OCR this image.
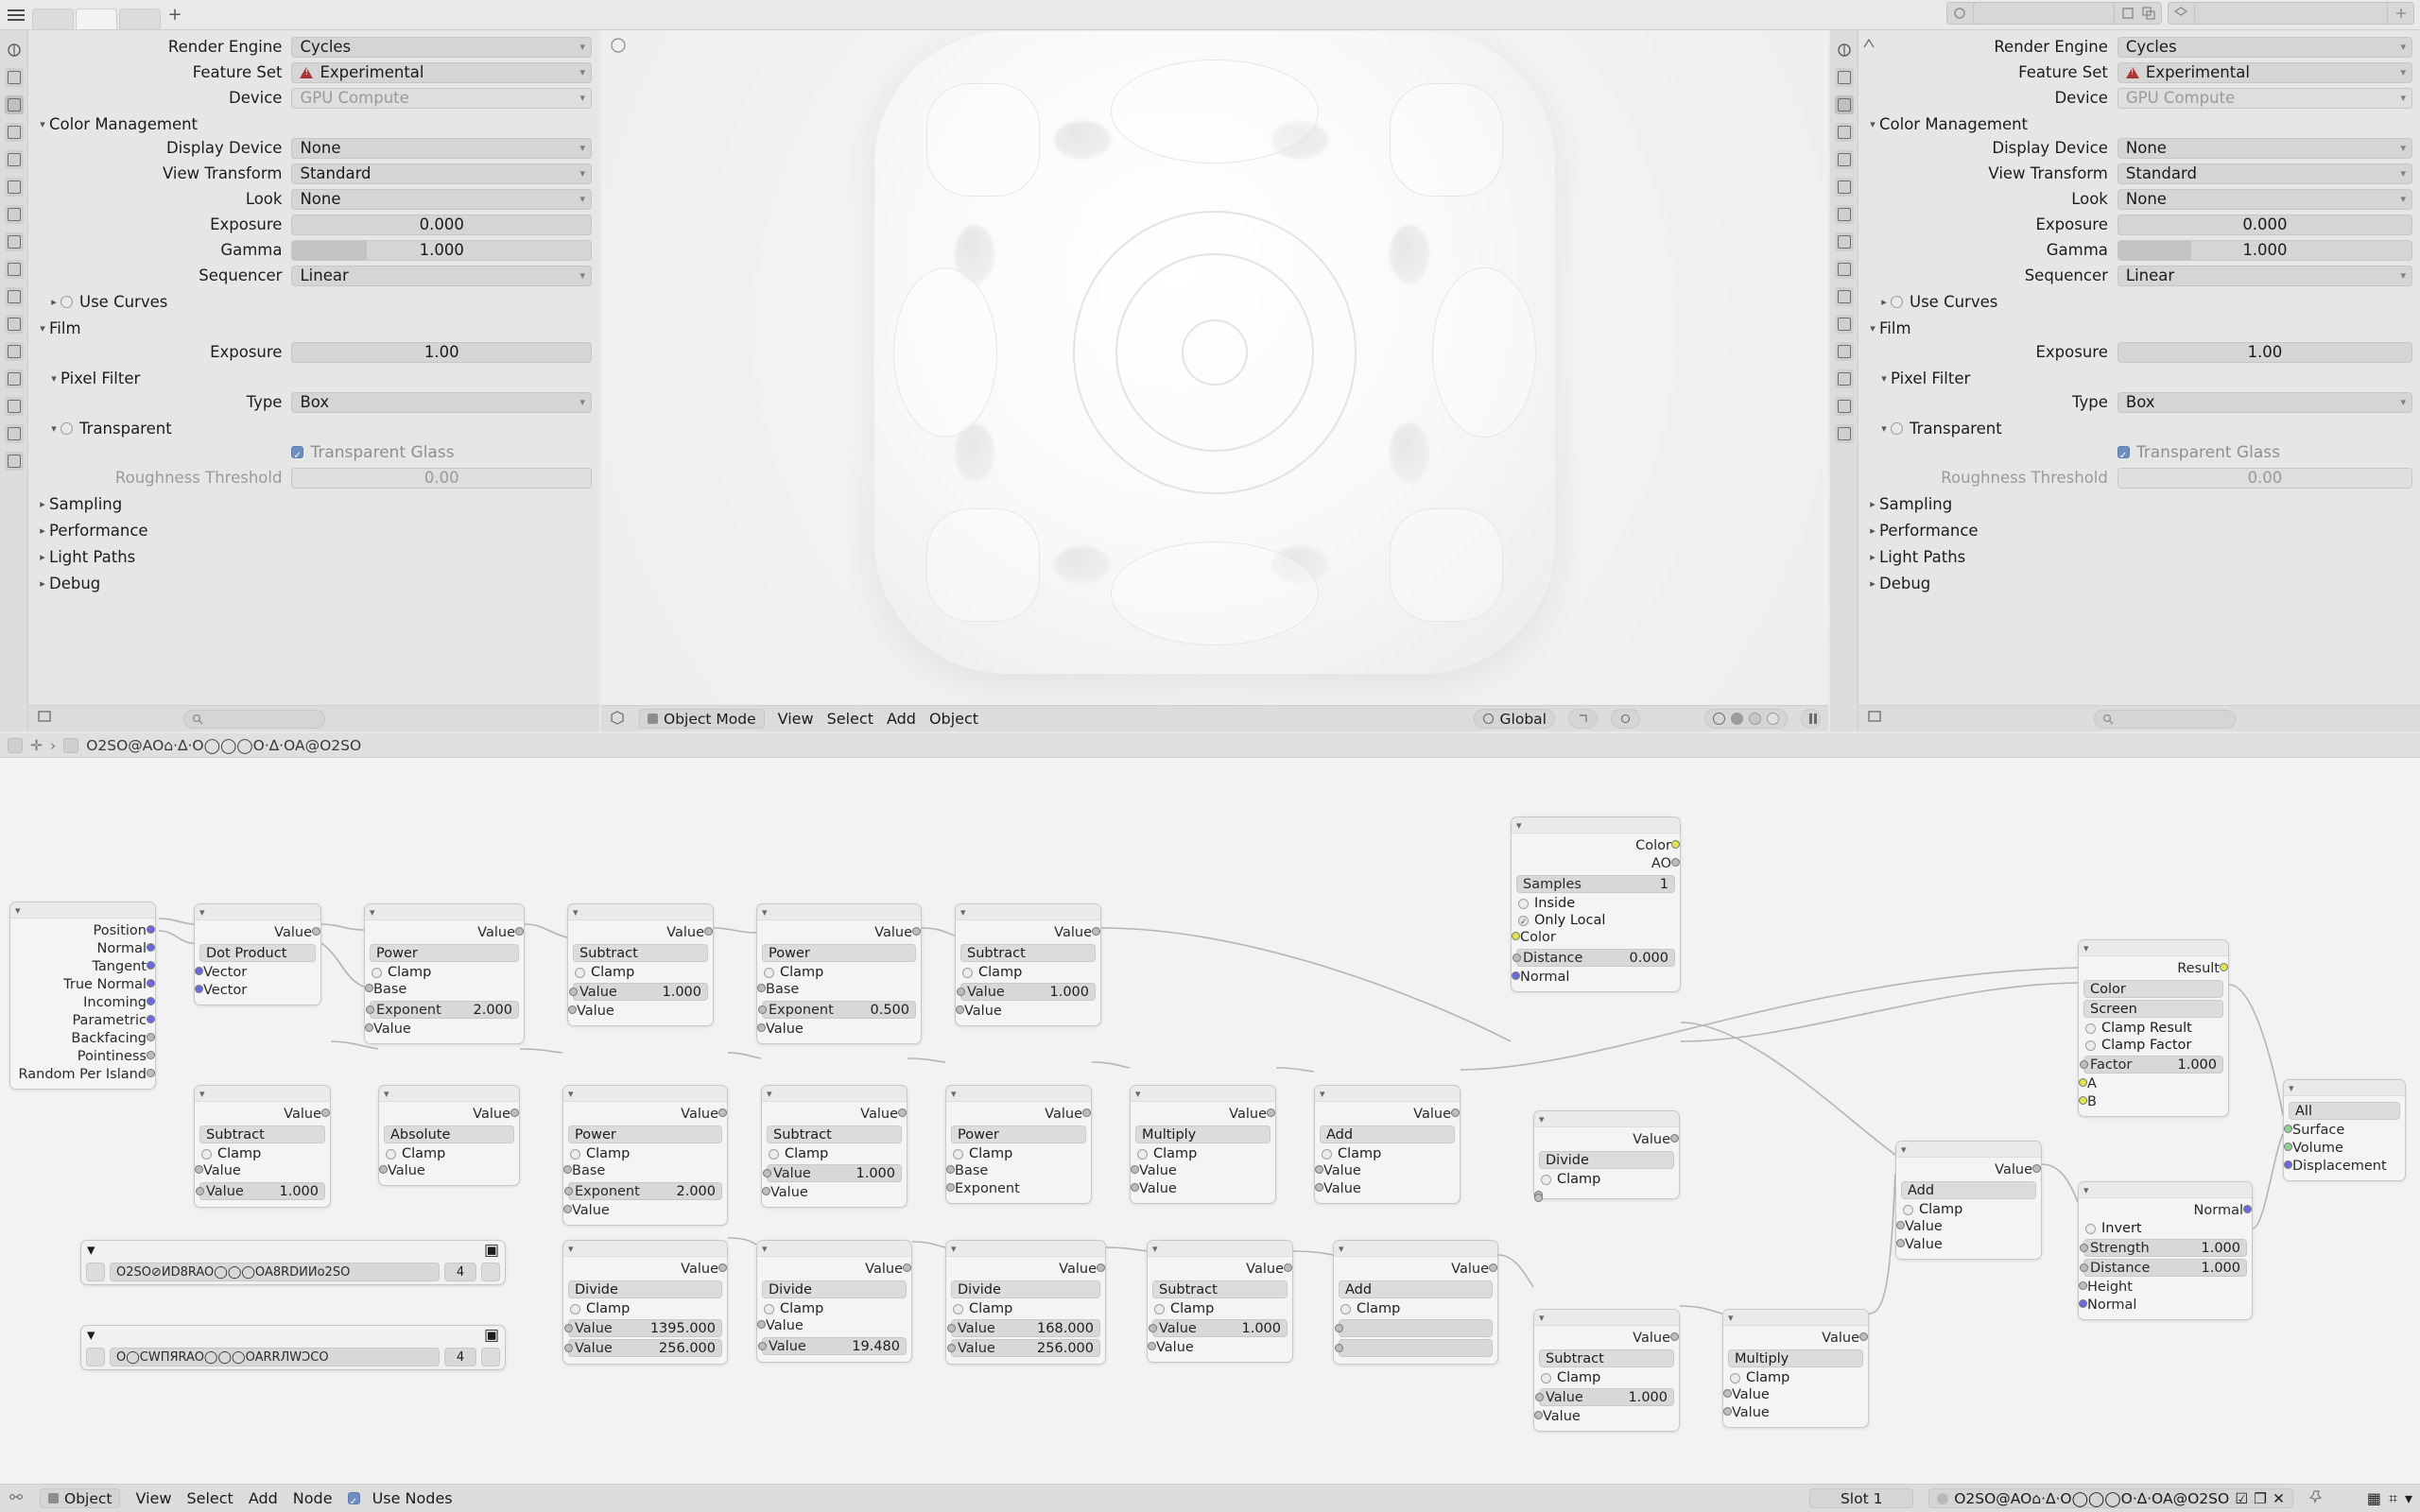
+
Render Engine	Cycles	▾
Feature Set !	Experimental	▾
Device	GPU Compute	▾
▾ Color Management
Display Device	None	▾
View Transform	Standard	▾
Look	None	▾
Exposure	0.000
Gamma	1.000
Sequencer	Linear	▾
▸ Use Curves
▾ Film
Exposure	1.00
▾ Pixel Filter
Type	Box	▾
▾ Transparent
✓
Transparent Glass
Roughness Threshold	0.00
▸ Sampling
▸ Performance
▸ Light Paths
▸ Debug
Object Mode View Select Add Object	Global
Render Engine	Cycles	▾
Feature Set !	Experimental	▾
Device	GPU Compute	▾
▾ Color Management
Display Device	None	▾
View Transform	Standard	▾
Look	None	▾
Exposure	0.000
Gamma	1.000
Sequencer	Linear	▾
▸ Use Curves
▾ Film
Exposure	1.00
▾ Pixel Filter
Type	Box	▾
▾ Transparent
✓
Transparent Glass
Roughness Threshold	0.00
▸ Sampling
▸ Performance
▸ Light Paths
▸ Debug
✛ › O2SO@AO⌂·∆·O◯◯◯O·∆·OA@O2SO
▾
Position
Normal
Tangent
True Normal
Incoming
Parametric
Backfacing
Pointiness
Random Per Island
▾
Value
Dot Product
Vector
Vector
▾
Value
Power
Clamp
Base
Exponent 2.000
Value
▾
Value
Subtract
Clamp
Value	1.000
Value
▾
Value
Power
Clamp
Base
Exponent	0.500
Value
▾
Value
Subtract
Clamp
Value	1.000
Value
▾
Color
AO
Samples	1
Inside
✓
Only Local
Color
Distance	0.000
Normal
▾
Value
Subtract
Clamp
Value
Value	1.000
▾
Value
Absolute
Clamp
Value
▾
Value
Power
Clamp
Base
Exponent	2.000
Value
▾
Value
Subtract
Clamp
Value	1.000
Value
▾
Value
Power
Clamp
Base
Exponent
▾
Value
Multiply
Clamp
Value
Value
▾
Value
Add
Clamp
Value
Value
▾
Result
Color
Screen
Clamp Result
Clamp Factor
Factor	1.000
A
B
▾
Value
Add
Clamp
Value
Value
▾
Normal
Invert
Strength	1.000
Distance	1.000
Height
Normal
▾
All
Surface
Volume
Displacement
▾
Value
Subtract
Clamp
Value	1.000
Value
▾
Value
Multiply
Clamp
Value
Value
▾
Value
Divide
Clamp
▾	▣
O2SO⊘ИD8RAO◯◯◯OA8RDИИo2SO	4
▾	▣
O◯CWПЯRAO◯◯◯OARRЛWƆCO	4
▾
Value
Divide
Clamp
Value	1395.000
Value	256.000
▾
Value
Divide
Clamp
Value
Value	19.480
▾
Value
Divide
Clamp
Value	168.000
Value	256.000
▾
Value
Subtract
Clamp
Value	1.000
Value
▾
Value
Add
Clamp
Object View Select Add Node ✓	Use Nodes	Slot 1	O2SO@AO⌂·∆·O◯◯◯O·∆·OA@O2SO ☑ ❐ ✕	▦ ⌗ ▾
